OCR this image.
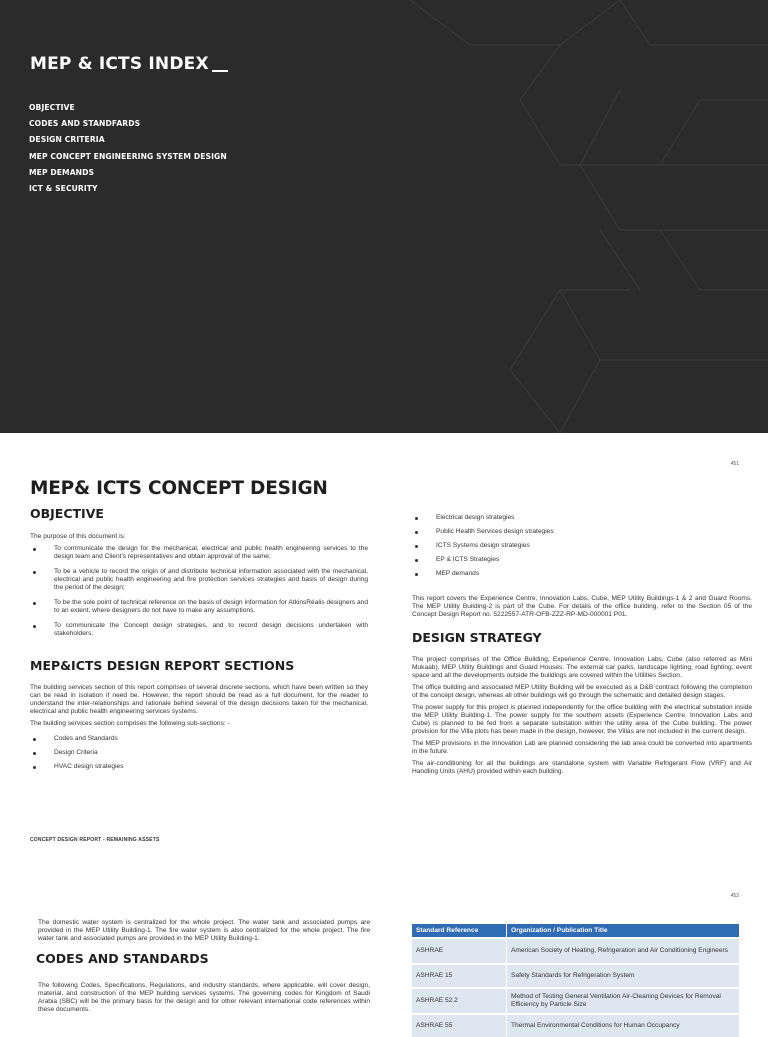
MEP & ICTS INDEX
OBJECTIVE
CODES AND STANDFARDS
DESIGN CRITERIA
MEP CONCEPT ENGINEERING SYSTEM DESIGN
MEP DEMANDS
ICT & SECURITY
451
MEP& ICTS CONCEPT DESIGN
OBJECTIVE

The purpose of this document is:

To communicate the design for the mechanical, electrical and public health engineering services to the design team and Client's representatives and obtain approval of the same;
To be a vehicle to record the origin of and distribute technical information associated with the mechanical, electrical and public health engineering and fire protection services strategies and basis of design during the period of the design;
To be the sole point of technical reference on the basis of design information for AtkinsRéalis designers and to an extent, where designers do not have to make any assumptions.
To communicate the Concept design strategies, and to record design decisions undertaken with stakeholders.
MEP&ICTS DESIGN REPORT SECTIONS

The building services section of this report comprises of several discrete sections, which have been written so they can be read in isolation if need be. However, the report should be read as a full document, for the reader to understand the inter-relationships and rationale behind several of the design decisions taken for the mechanical, electrical and public health engineering services systems.

The building services section comprises the following sub-sections: -

Codes and Standards
Design Criteria
HVAC design strategies
Electrical design strategies
Public Health Services design strategies
ICTS Systems design strategies
EP & ICTS Strategies
MEP demands

This report covers the Experience Centre, Innovation Labs, Cube, MEP Utility Buildings-1 & 2 and Guard Rooms. The MEP Utility Building-2 is part of the Cube. For details of the office building, refer to the Section 05 of the Concept Design Report no. 5222557-ATR-OFB-ZZZ-RP-MD-000001 P01.

DESIGN STRATEGY

The project comprises of the Office Building, Experience Centre, Innovation Labs, Cube (also referred as Mini Mukaab), MEP Utility Buildings and Guard Houses. The external car parks, landscape lighting, road lighting, event space and all the developments outside the buildings are covered within the Utilities Section.

The office building and associated MEP Utility Building will be executed as a D&B contract following the completion of the concept design, whereas all other buildings will go through the schematic and detailed design stages.

The power supply for this project is planned independently for the office building with the electrical substation inside the MEP Utility Building-1. The power supply for the southern assets (Experience Centre, Innovation Labs and Cube) is planned to be fed from a separate substation within the utility area of the Cube building. The power provision for the Villa plots has been made in the design, however, the Villas are not included in the current design.

The MEP provisions in the Innovation Lab are planned considering the lab area could be converted into apartments in the future.

The air-conditioning for all the buildings are standalone system with Variable Refrigerant Flow (VRF) and Air Handling Units (AHU) provided within each building.

CONCEPT DESIGN REPORT - REMAINING ASSETS
452

The domestic water system is centralized for the whole project. The water tank and associated pumps are provided in the MEP Utility Building-1. The fire water system is also centralized for the whole project. The fire water tank and associated pumps are provided in the MEP Utility Building-1.

CODES AND STANDARDS

The following Codes, Specifications, Regulations, and industry standards, where applicable, will cover design, material, and construction of the MEP building services systems. The governing codes for Kingdom of Saudi Arabia (SBC) will be the primary basis for the design and for other relevant international code references within these documents.

Standard Reference	Organization / Publication Title
ASHRAE	American Society of Heating, Refrigeration and Air Conditioning Engineers
ASHRAE 15	Safety Standards for Refrigeration System
ASHRAE 52.2	Method of Testing General Ventilation Air-Cleaning Devices for Removal Efficiency by Particle Size
ASHRAE 55	Thermal Environmental Conditions for Human Occupancy
